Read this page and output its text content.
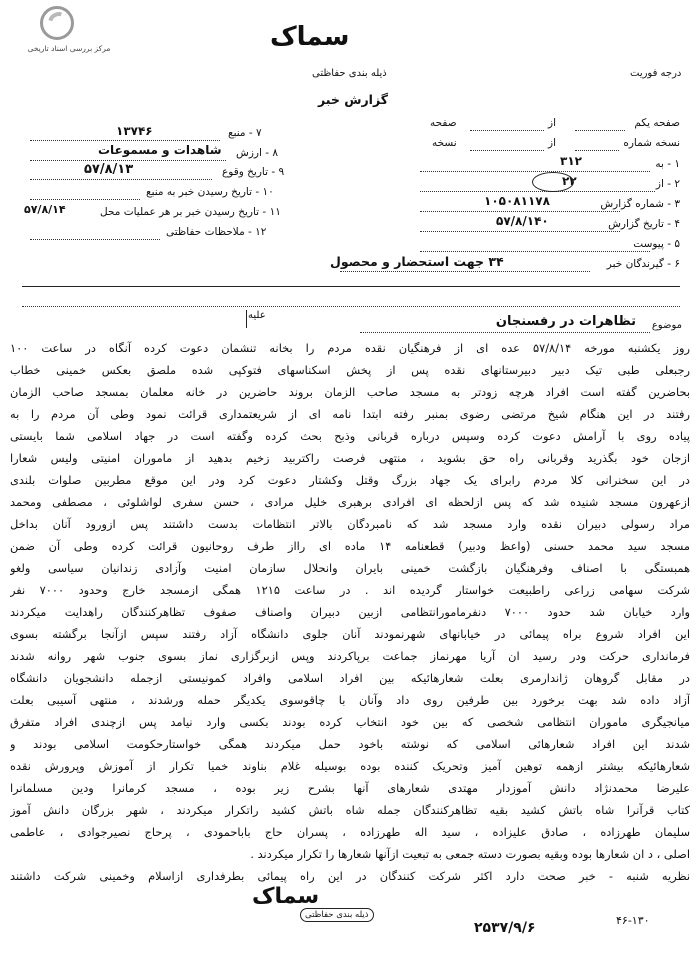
مرکز بررسی اسناد تاریخی	سماک
ذیله بندی حفاظتی
گزارش خبر
درجه فوریت
صفحه یکم
از
صفحه
نسخه شماره
از
نسخه
۱ - به
۳۱۲
۲ - از
۲۲
۳ - شماره گزارش
۱۰۵۰۸۱۱۷۸
۴ - تاریخ گزارش
۵۷/۸/۱۴۰
۵ - پیوست
۶ - گیرندگان خبر
۳۴ جهت استحضار و محصول
۷ - منبع
۱۳۷۴۶
۸ - ارزش
شاهدات و مسموعات
۹ - تاریخ وقوع
۵۷/۸/۱۳
۱۰ - تاریخ رسیدن خبر به منبع
۱۱ - تاریخ رسیدن خبر بر هر عملیات محل
۵۷/۸/۱۴
۱۲ - ملاحظات حفاظتی
علیه
موضوع
تظاهرات در رفسنجان
روز یکشنبه مورخه ۵۷/۸/۱۴ عده ای از فرهنگیان نقده مردم را بخانه تنشمان دعوت کرده آنگاه در ساعت ۱۰۰
رجبعلی طبی تیک دبیر دبیرستانهای نقده پس از پخش اسکناسهای فتوکپی شده ملصق بعکس خمینی خطاب
بحاضرین گفته است افراد هرچه زودتر به مسجد صاحب الزمان بروند حاضرین در خانه معلمان بمسجد صاحب الزمان
رفتند در این هنگام شیخ مرتضی رضوی بمنبر رفته ابتدا نامه ای از شریعتمداری قرائت نمود وطی آن مردم را به
پیاده روی با آرامش دعوت کرده وسپس درباره قربانی وذبح بحث کرده وگفته است در جهاد اسلامی شما بایستی
ازجان خود بگذرید وقربانی راه حق بشوید ، منتهی فرصت راکتربید زخیم بدهید از ماموران امنیتی ولیس شعارا
در این سخنرانی کلا مردم رابرای یک جهاد بزرگ وقتل وکشتار دعوت کرد ودر این موقع مطربین صلوات بلندی
ازعهرون مسجد شنیده شد که پس ازلحظه ای افرادی برهبری خلیل مرادی ، حسن سفری لواشلوئی ، مصطفی ومحمد
مراد رسولی دبیران نقده وارد مسجد شد که نامبردگان بالاتر انتظامات بدست داشتند پس ازورود آنان بداخل
مسجد سید محمد حسنی (واعظ ودبیر) قطعنامه ۱۴ ماده ای رااز طرف روحانیون قرائت کرده وطی آن ضمن
همبستگی با اصناف وفرهنگیان بازگشت خمینی بایران وانحلال سازمان امنیت وآزادی زندانیان سیاسی ولغو
شرکت سهامی زراعی راطبیعت خواستار گردیده اند . در ساعت ۱۲۱۵ همگی ازمسجد خارج وحدود ۷۰۰۰ نفر
وارد خیابان شد حدود ۷۰۰۰ دنفرمامورانتظامی ازبین دبیران واصناف صفوف تظاهرکنندگان راهدایت میکردند
این افراد شروع براه پیمائی در خیابانهای شهرنمودند آنان جلوی دانشگاه آزاد رفتند سپس ازآنجا برگشته بسوی
فرمانداری حرکت ودر رسید ان آریا مهرنماز جماعت برپاکردند وپس ازبرگزاری نماز بسوی جنوب شهر روانه شدند
در مقابل گروهان ژاندارمری بعلت شعارهائیکه بین افراد اسلامی وافراد کمونیستی ازجمله دانشجویان دانشگاه
آزاد داده شد بهت برخورد بین طرفین روی داد وآنان با چاقوسوی یکدیگر حمله ورشدند ، منتهی آسیبی بعلت
میانجیگری ماموران انتظامی شخصی که بین خود انتخاب کرده بودند بکسی وارد نیامد پس ازچندی افراد متفرق
شدند این افراد شعارهائی اسلامی که نوشته باخود حمل میکردند همگی خواستارحکومت اسلامی بودند و
شعارهائیکه بیشتر ازهمه توهین آمیز وتحریک کننده بوده بوسیله غلام بناوند خمیا تکرار از آموزش وپرورش نقده
علیرضا محمدنژاد دانش آموزدار مهتدی شعارهای آنها بشرح زیر بوده ، مسجد کرمانرا ودین مسلمانرا
کتاب قرآنرا شاه باتش کشید بقیه تظاهرکنندگان جمله شاه باتش کشید راتکرار میکردند ، شهر بزرگان دانش آموز
سلیمان طهرزاده ، صادق علیزاده ، سید اله طهرزاده ، پسران حاج باباحمودی ، پرحاج نصیرجوادی ، عاطمی
اصلی ، د ان شعارها بوده وبقیه بصورت دسته جمعی به تبعیت ازآنها شعارها را تکرار میکردند .
نظریه شنبه - خبر صحت دارد اکثر شرکت کنندگان در این راه پیمائی بطرفداری ازاسلام وخمینی شرکت داشتند
سماک
ذیله بندی حفاظتی
۲۵۳۷/۹/۶	۴۶-۱۳۰
